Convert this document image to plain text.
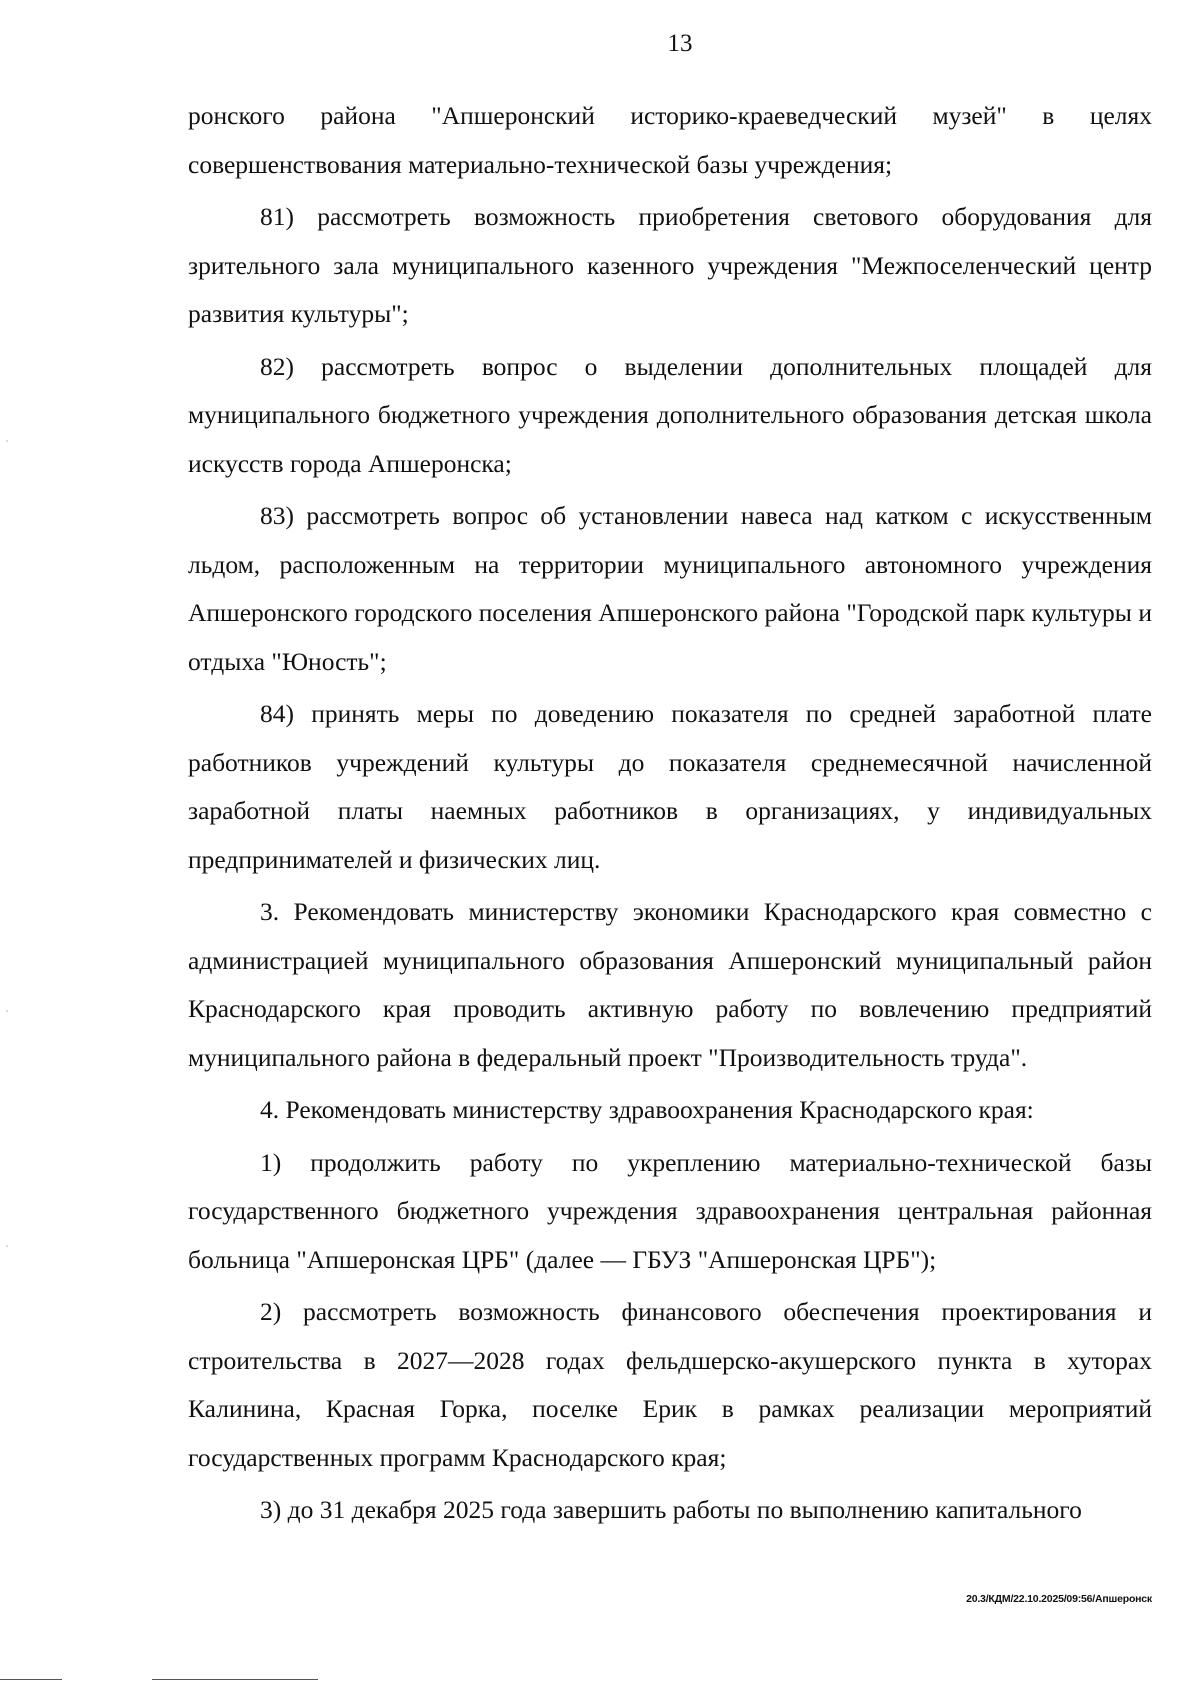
13

ронского района "Апшеронский историко-краеведческий музей" в целях совершенствования материально-технической базы учреждения;

81) рассмотреть возможность приобретения светового оборудования для зрительного зала муниципального казенного учреждения "Межпоселенческий центр развития культуры";

82) рассмотреть вопрос о выделении дополнительных площадей для муниципального бюджетного учреждения дополнительного образования детская школа искусств города Апшеронска;

83) рассмотреть вопрос об установлении навеса над катком с искусственным льдом, расположенным на территории муниципального автономного учреждения Апшеронского городского поселения Апшеронского района "Городской парк культуры и отдыха "Юность";

84) принять меры по доведению показателя по средней заработной плате работников учреждений культуры до показателя среднемесячной начисленной заработной платы наемных работников в организациях, у индивидуальных предпринимателей и физических лиц.

3. Рекомендовать министерству экономики Краснодарского края совместно с администрацией муниципального образования Апшеронский муниципальный район Краснодарского края проводить активную работу по вовлечению предприятий муниципального района в федеральный проект "Производительность труда".

4. Рекомендовать министерству здравоохранения Краснодарского края:

1) продолжить работу по укреплению материально-технической базы государственного бюджетного учреждения здравоохранения центральная районная больница "Апшеронская ЦРБ" (далее — ГБУЗ "Апшеронская ЦРБ");

2) рассмотреть возможность финансового обеспечения проектирования и строительства в 2027—2028 годах фельдшерско-акушерского пункта в хуторах Калинина, Красная Горка, поселке Ерик в рамках реализации мероприятий государственных программ Краснодарского края;

3) до 31 декабря 2025 года завершить работы по выполнению капитального

20.3/КДМ/22.10.2025/09:56/Апшеронск
